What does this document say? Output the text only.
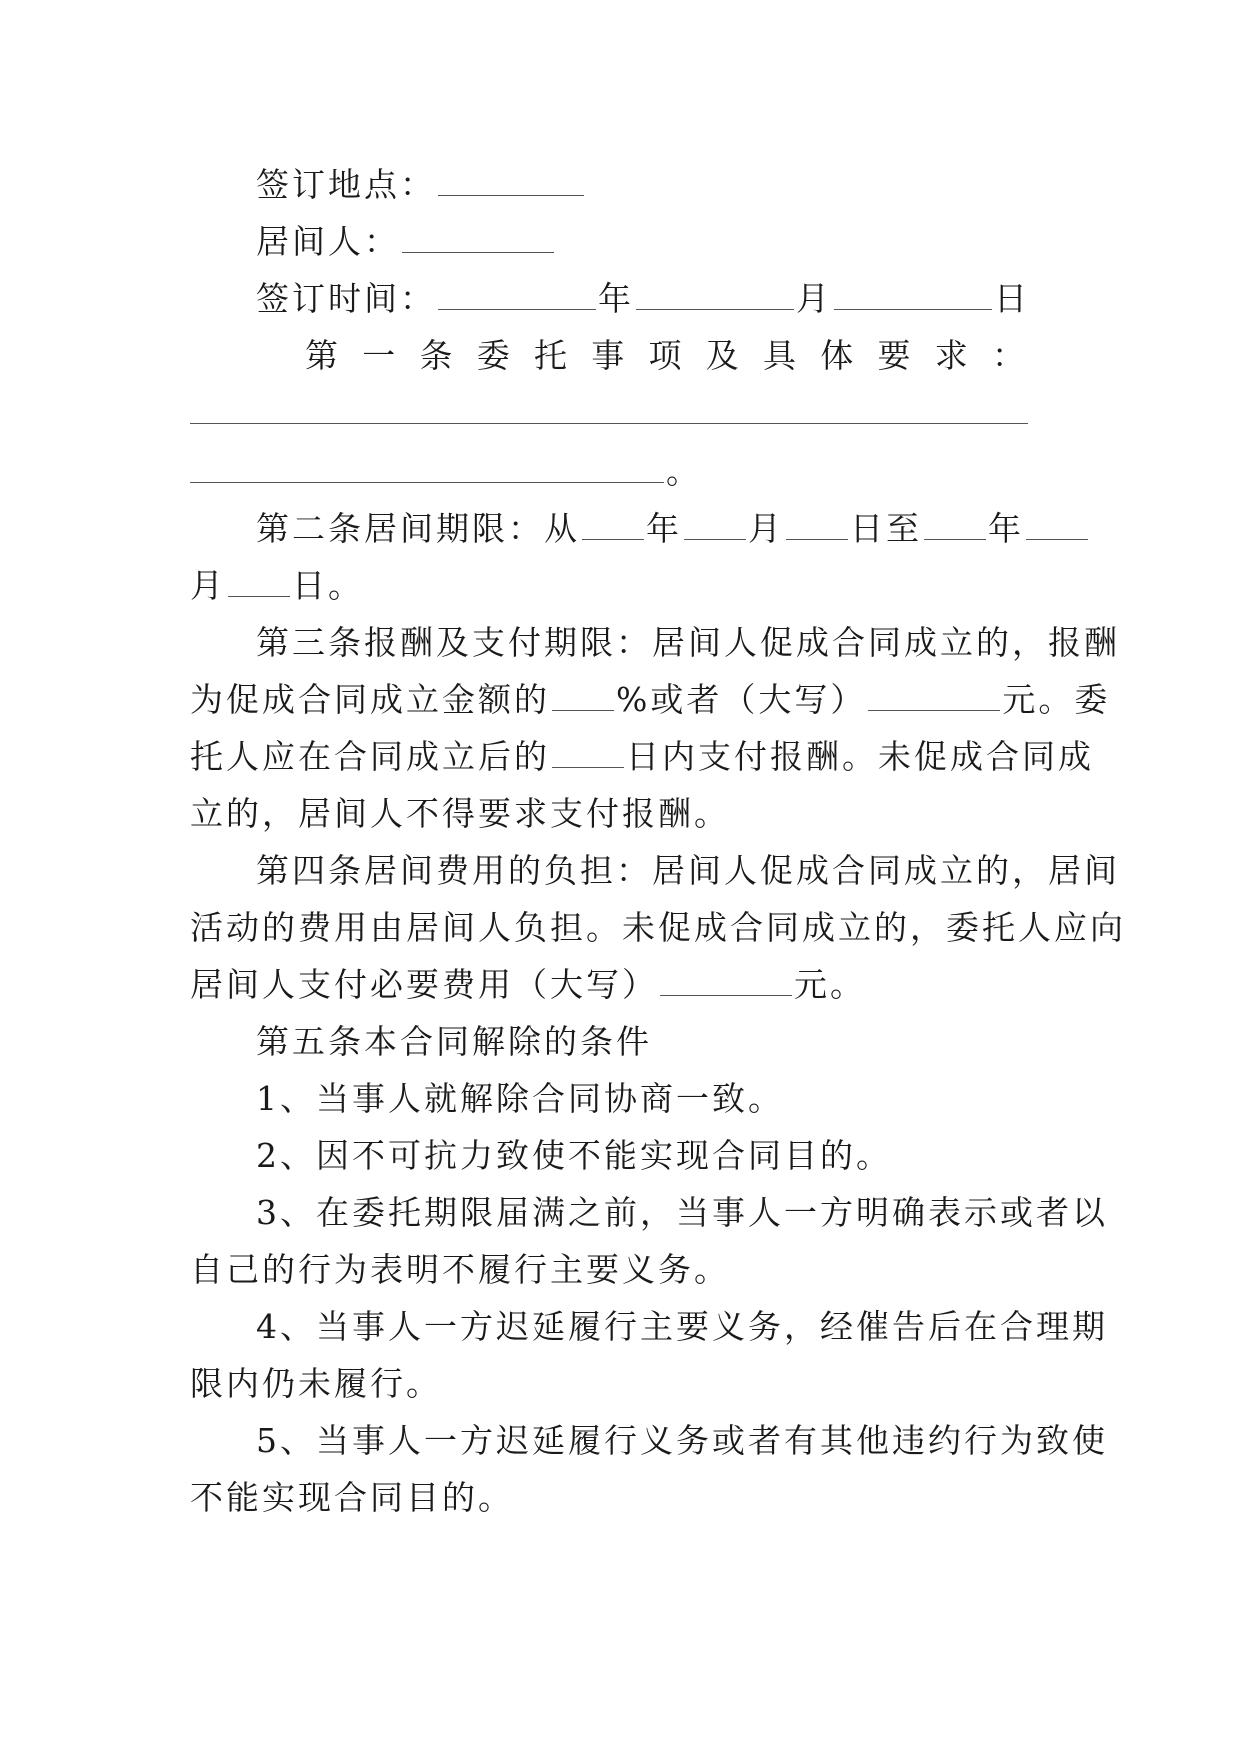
签订地点：
居间人：
签订时间：	年	月	日
第 一 条 委 托 事 项 及 具 体 要 求 ：
。
第二条居间期限：从 年 月 日至 年
月 日。
第三条报酬及支付期限：居间人促成合同成立的，报酬
为促成合同成立金额的 %或者（大写）	元。委
托人应在合同成立后的 日内支付报酬。未促成合同成
立的，居间人不得要求支付报酬。
第四条居间费用的负担：居间人促成合同成立的，居间
活动的费用由居间人负担。未促成合同成立的，委托人应向
居间人支付必要费用（大写）	元。
第五条本合同解除的条件
1、当事人就解除合同协商一致。
2、因不可抗力致使不能实现合同目的。
3、在委托期限届满之前，当事人一方明确表示或者以
自己的行为表明不履行主要义务。
4、当事人一方迟延履行主要义务，经催告后在合理期
限内仍未履行。
5、当事人一方迟延履行义务或者有其他违约行为致使
不能实现合同目的。
